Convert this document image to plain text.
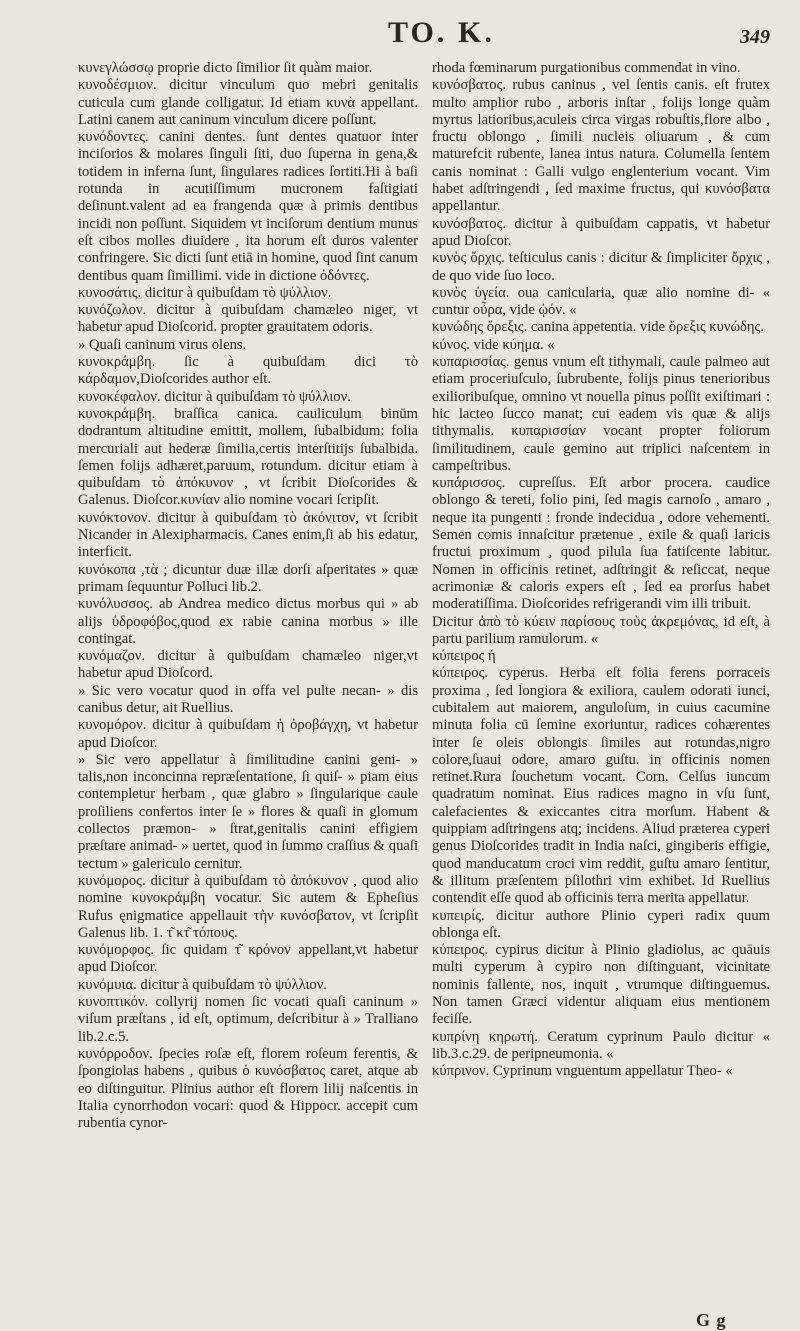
TO. K.	349

κυνεγλώσσῳ proprie dicto ſimilior ſit quàm maior.

κυνοδέσμιον. dicitur vinculum quo mebri genitalis cuticula cum glande colligatur. Id etiam κυνὰ appellant. Latini canem aut caninum vinculum dicere poſſunt.

κυνόδοντες. canini dentes. ſunt dentes quatuor inter inciſorios & molares ſinguli ſiti, duo ſuperna in gena,& totidem in inferna ſunt, ſingulares radices ſortiti.Hi à baſi rotunda in acutiſſimum mucronem faſtigiati deſinunt.valent ad ea frangenda quæ à primis dentibus incidi non poſſunt. Siquidem vt inciſorum dentium munus eſt cibos molles diuidere , ita horum eſt duros valenter confringere. Sic dicti ſunt etiā in homine, quod ſint canum dentibus quam ſimillimi. vide in dictione ὀδόντες.

κυνοσάτις. dicitur à quibuſdam τὸ ψύλλιον.

κυνόζωλον. dicitur à quibuſdam chamæleo niger, vt habetur apud Dioſcorid. propter grauitatem odoris.

» Quaſi caninum virus olens.

κυνοκράμβη. ſic à quibuſdam dici τὸ κάρδαμον,Dioſcorides author eſt.

κυνοκέφαλον. dicitur à quibuſdam τὸ ψύλλιον.

κυνοκράμβη. braſſica canica. cauliculum binūm dodrantum altitudine emittit, mollem, ſubalbidum: folia mercuriali aut hederæ ſimilia,certis interſtitijs ſubalbida. ſemen folijs adhæret,paruum, rotundum. dicitur etiam à quibuſdam τὸ ἀπόκυνον , vt ſcribit Dioſcorides & Galenus. Dioſcor.κυνίαν alio nomine vocari ſcripſit.

κυνόκτονον. dicitur à quibuſdam τὸ ἀκόνιτον, vt ſcribit Nicander in Alexipharmacis. Canes enim,ſi ab his edatur, interficit.

κυνόκοπα ,τὰ ; dicuntur duæ illæ dorſi aſperitates » quæ primam ſequuntur Polluci lib.2.

κυνόλυσσος. ab Andrea medico dictus morbus qui » ab alijs ὑδροφόβος,quod ex rabie canina morbus » ille contingat.

κυνόμαζον. dicitur à quibuſdam chamæleo niger,vt habetur apud Dioſcord.

» Sic vero vocatur quod in offa vel pulte necan- » dis canibus detur, ait Ruellius.

κυνομόρον. dicitur à quibuſdam ἡ ὀροβάγχη, vt habetur apud Dioſcor.

» Sic vero appellatur à ſimilitudine canini geni- » talis,non inconcinna repræſentatione, ſi quiſ- » piam eius contempletur herbam , quæ glabro » ſingularique caule proſiliens confertos inter ſe » flores & quaſi in glomum collectos præmon- » ſtrat,genitalis canini effigiem præſtare animad- » uertet, quod in ſummo craſſius & quaſi tectum » galericulo cernitur.

κυνόμορος. dicitur à quibuſdam τὸ ἀπόκυνον , quod alio nomine κυνοκράμβη vocatur. Sic autem & Epheſius Rufus ęnigmatice appellauit τὴν κυνόσβατον, vt ſcripſit Galenus lib. 1. τ͂ κτ͂ τόπους.

κυνόμορφος. ſic quidam τ͂ κρόνον appellant,vt habetur apud Dioſcor.

κυνόμυια. dicitur à quibuſdam τὸ ψύλλιον.

κυνοπτικόν. collyrij nomen ſic vocati quaſi caninum » viſum præſtans , id eſt, optimum, deſcribitur à » Tralliano lib.2.c.5.

κυνόρροδον. ſpecies roſæ eſt, florem roſeum ferentis, & ſpongiolas habens , quibus ὁ κυνόσβατος caret, atque ab eo diſtinguitur. Plinius author eſt florem lilij naſcentis in Italia cynorrhodon vocari: quod & Hippocr. accepit cum rubentia cynor-

rhoda fœminarum purgationibus commendat in vino.

κυνόσβατος. rubus caninus , vel ſentis canis. eſt frutex multo amplior rubo , arboris inſtar , folijs longe quàm myrtus latioribus,aculeis circa virgas robuſtis,flore albo , fructu oblongo , ſimili nucleis oliuarum , & cum maturefcit rubente, lanea intus natura. Columella ſentem canis nominat : Galli vulgo englenterium vocant. Vim habet adſtringendi , ſed maxime fructus, qui κυνόσβατα appellantur.

κυνόσβατος. dicitur à quibuſdam cappatis, vt habetur apud Dioſcor.

κυνὸς ὄρχις. teſticulus canis : dicitur & ſimpliciter ὄρχις , de quo vide ſuo loco.

κυνὸς ὑγεία. oua canicularia, quæ alio nomine di- « cuntur οὖρα, vide ᾠόν. «

κυνώδης ὄρεξις. canina appetentia. vide ὄρεξις κυνώδης.

κύνος. vide κύημα. «

κυπαρισσίας. genus vnum eſt tithymali, caule palmeo aut etiam proceriuſculo, ſubrubente, folijs pinus tenerioribus exilioribuſque, omnino vt nouella pinus poſſit exiſtimari : hic lacteo ſucco manat; cui eadem vis quæ & alijs tithymalis. κυπαρισσίαν vocant propter foliorum ſimilitudinem, caule gemino aut triplici naſcentem in campeſtribus.

κυπάρισσος. cupreſſus. Eſt arbor procera. caudice oblongo & tereti, folio pini, ſed magis carnoſo , amaro , neque ita pungenti : fronde indecidua , odore vehementi. Semen comis innaſcitur prætenue , exile & quaſi laricis fructui proximum , quod pilula ſua fatiſcente labitur. Nomen in officinis retinet, adſtringit & reſiccat, neque acrimoniæ & caloris expers eſt , ſed ea prorſus habet moderatiſſima. Dioſcorides refrigerandi vim illi tribuit.

Dicitur ἀπὸ τὸ κύειν παρίσους τοὺς ἀκρεμόνας, id eſt, à partu parilium ramulorum. «

κύπειρος ἡ

κύπειρος. cyperus. Herba eſt folia ferens porraceis proxima , ſed longiora & exiliora, caulem odorati iunci, cubitalem aut maiorem, anguloſum, in cuius cacumine minuta folia cū ſemine exoriuntur, radices cohærentes inter ſe oleis oblongis ſimiles aut rotundas,nigro colore,ſuaui odore, amaro guſtu. in officinis nomen retinet.Rura ſouchetum vocant. Corn. Celſus iuncum quadratum nominat. Eius radices magno in vſu ſunt, calefacientes & exiccantes citra morſum. Habent & quippiam adſtringens atq; incidens. Aliud præterea cyperi genus Dioſcorides tradit in India naſci, gingiberis effigie, quod manducatum croci vim reddit, guſtu amaro ſentitur, & illitum præſentem pſilothri vim exhibet. Id Ruellius contendit eſſe quod ab officinis terra merita appellatur.

κυπειρίς. dicitur authore Plinio cyperi radix quum oblonga eſt.

κύπειρος. cypirus dicitur à Plinio gladiolus, ac quāuis multi cyperum à cypiro non diſtinguant, vicinitate nominis fallente, nos, inquit , vtrumque diſtinguemus. Non tamen Græci videntur aliquam eius mentionem feciſſe.

κυπρίνη κηρωτή. Ceratum cyprinum Paulo dicitur « lib.3.c.29. de peripneumonia. «

κύπρινον. Cyprinum vnguentum appellatur Theo- «

G g
